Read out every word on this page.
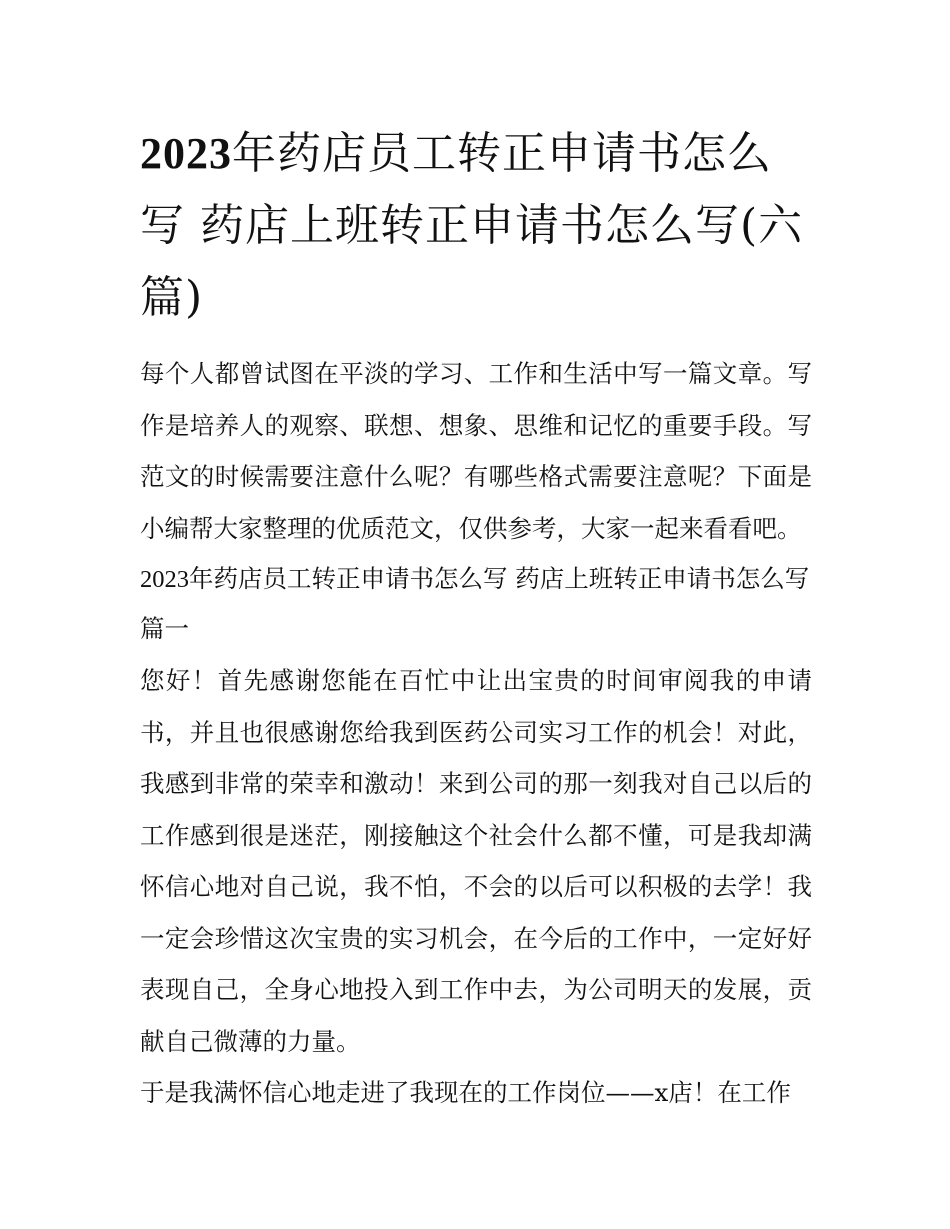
2023年药店员工转正申请书怎么写 药店上班转正申请书怎么写(六篇)

每个人都曾试图在平淡的学习、工作和生活中写一篇文章。写作是培养人的观察、联想、想象、思维和记忆的重要手段。写范文的时候需要注意什么呢？有哪些格式需要注意呢？下面是小编帮大家整理的优质范文，仅供参考，大家一起来看看吧。

2023年药店员工转正申请书怎么写 药店上班转正申请书怎么写篇一

您好！首先感谢您能在百忙中让出宝贵的时间审阅我的申请书，并且也很感谢您给我到医药公司实习工作的机会！对此，我感到非常的荣幸和激动！来到公司的那一刻我对自己以后的工作感到很是迷茫，刚接触这个社会什么都不懂，可是我却满怀信心地对自己说，我不怕，不会的以后可以积极的去学！我一定会珍惜这次宝贵的实习机会，在今后的工作中，一定好好表现自己，全身心地投入到工作中去，为公司明天的发展，贡献自己微薄的力量。

于是我满怀信心地走进了我现在的工作岗位——x店！在工作
